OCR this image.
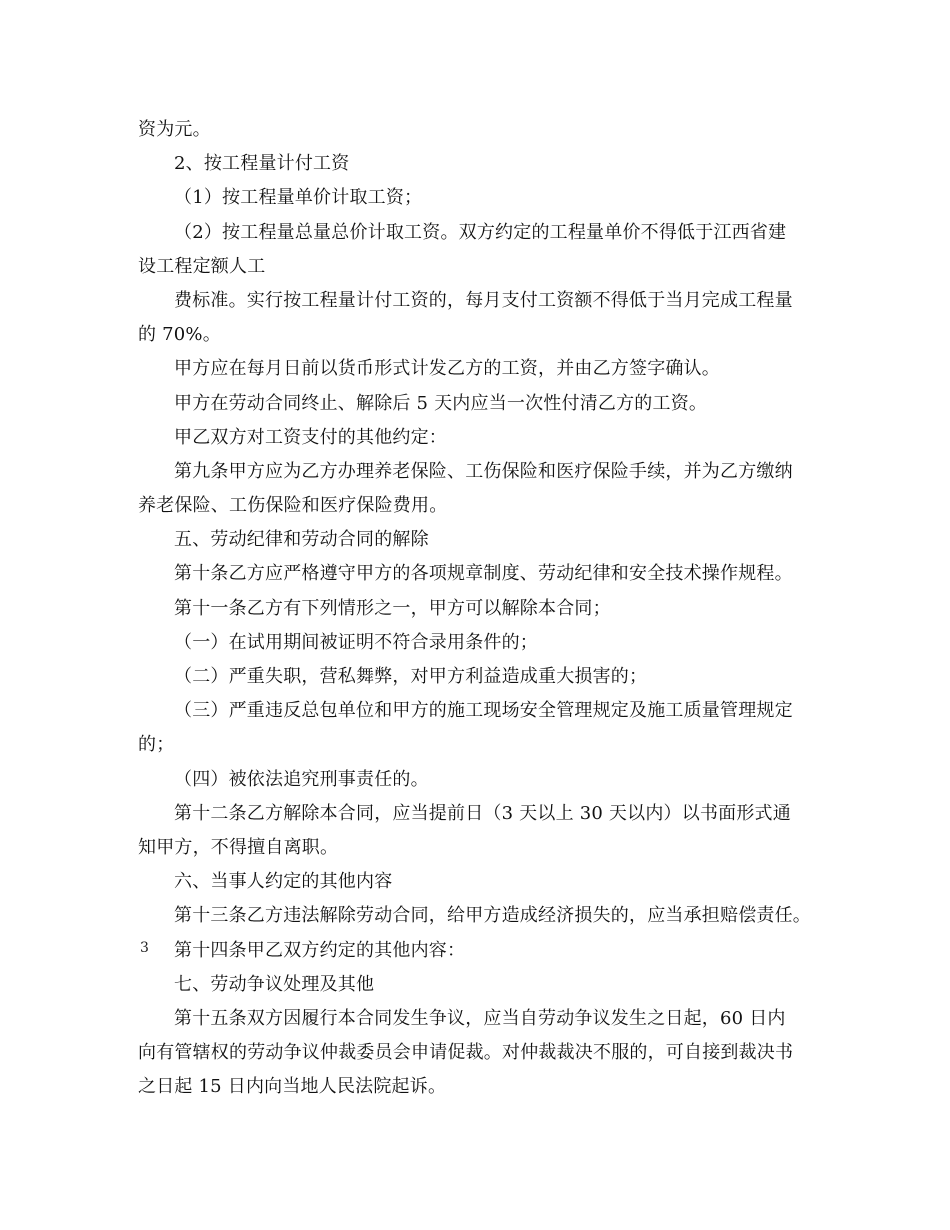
资为元。
2、按工程量计付工资
（1）按工程量单价计取工资；
（2）按工程量总量总价计取工资。双方约定的工程量单价不得低于江西省建
设工程定额人工
费标准。实行按工程量计付工资的，每月支付工资额不得低于当月完成工程量
的 70%。
甲方应在每月日前以货币形式计发乙方的工资，并由乙方签字确认。
甲方在劳动合同终止、解除后 5 天内应当一次性付清乙方的工资。
甲乙双方对工资支付的其他约定：
第九条甲方应为乙方办理养老保险、工伤保险和医疗保险手续，并为乙方缴纳
养老保险、工伤保险和医疗保险费用。
五、劳动纪律和劳动合同的解除
第十条乙方应严格遵守甲方的各项规章制度、劳动纪律和安全技术操作规程。
第十一条乙方有下列情形之一，甲方可以解除本合同；
（一）在试用期间被证明不符合录用条件的；
（二）严重失职，营私舞弊，对甲方利益造成重大损害的；
（三）严重违反总包单位和甲方的施工现场安全管理规定及施工质量管理规定
的；
（四）被依法追究刑事责任的。
第十二条乙方解除本合同，应当提前日（3 天以上 30 天以内）以书面形式通
知甲方，不得擅自离职。
六、当事人约定的其他内容
第十三条乙方违法解除劳动合同，给甲方造成经济损失的，应当承担赔偿责任。
第十四条甲乙双方约定的其他内容：
七、劳动争议处理及其他
第十五条双方因履行本合同发生争议，应当自劳动争议发生之日起，60 日内
向有管辖权的劳动争议仲裁委员会申请促裁。对仲裁裁决不服的，可自接到裁决书
之日起 15 日内向当地人民法院起诉。
3
